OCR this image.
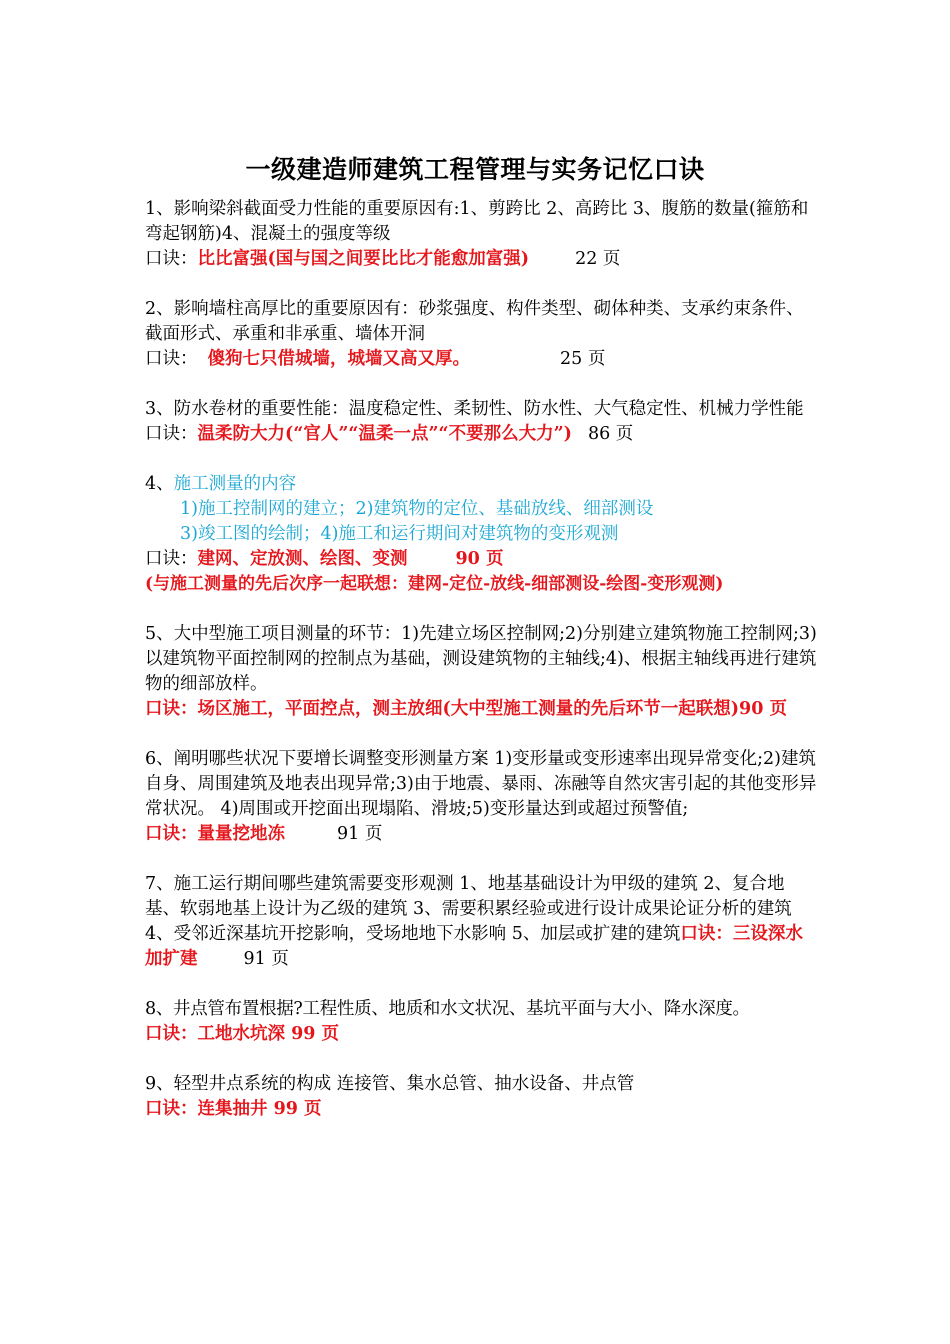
一级建造师建筑工程管理与实务记忆口诀
1、影响梁斜截面受力性能的重要原因有:1、剪跨比 2、高跨比 3、腹筋的数量(箍筋和弯起钢筋)4、混凝土的强度等级
口诀：比比富强(国与国之间要比比才能愈加富强)	22 页
2、影响墙柱高厚比的重要原因有：砂浆强度、构件类型、砌体种类、支承约束条件、截面形式、承重和非承重、墙体开洞
口诀： 傻狗七只借城墙，城墙又高又厚。	25 页
3、防水卷材的重要性能：温度稳定性、柔韧性、防水性、大气稳定性、机械力学性能
口诀：温柔防大力(“官人”“温柔一点”“不要那么大力”) 86 页
4、施工测量的内容
1)施工控制网的建立；2)建筑物的定位、基础放线、细部测设
3)竣工图的绘制；4)施工和运行期间对建筑物的变形观测
口诀：建网、定放测、绘图、变测	90 页
(与施工测量的先后次序一起联想：建网-定位-放线-细部测设-绘图-变形观测)
5、大中型施工项目测量的环节：1)先建立场区控制网;2)分别建立建筑物施工控制网;3)以建筑物平面控制网的控制点为基础，测设建筑物的主轴线;4)、根据主轴线再进行建筑物的细部放样。
口诀：场区施工，平面控点，测主放细(大中型施工测量的先后环节一起联想)90 页
6、阐明哪些状况下要增长调整变形测量方案 1)变形量或变形速率出现异常变化;2)建筑自身、周围建筑及地表出现异常;3)由于地震、暴雨、冻融等自然灾害引起的其他变形异常状况。 4)周围或开挖面出现塌陷、滑坡;5)变形量达到或超过预警值;
口诀：量量挖地冻	91 页
7、施工运行期间哪些建筑需要变形观测 1、地基基础设计为甲级的建筑 2、复合地基、软弱地基上设计为乙级的建筑 3、需要积累经验或进行设计成果论证分析的建筑 4、受邻近深基坑开挖影响，受场地地下水影响 5、加层或扩建的建筑口诀：三设深水加扩建	91 页
8、井点管布置根据?工程性质、地质和水文状况、基坑平面与大小、降水深度。
口诀：工地水坑深 99 页
9、轻型井点系统的构成 连接管、集水总管、抽水设备、井点管
口诀：连集抽井 99 页
